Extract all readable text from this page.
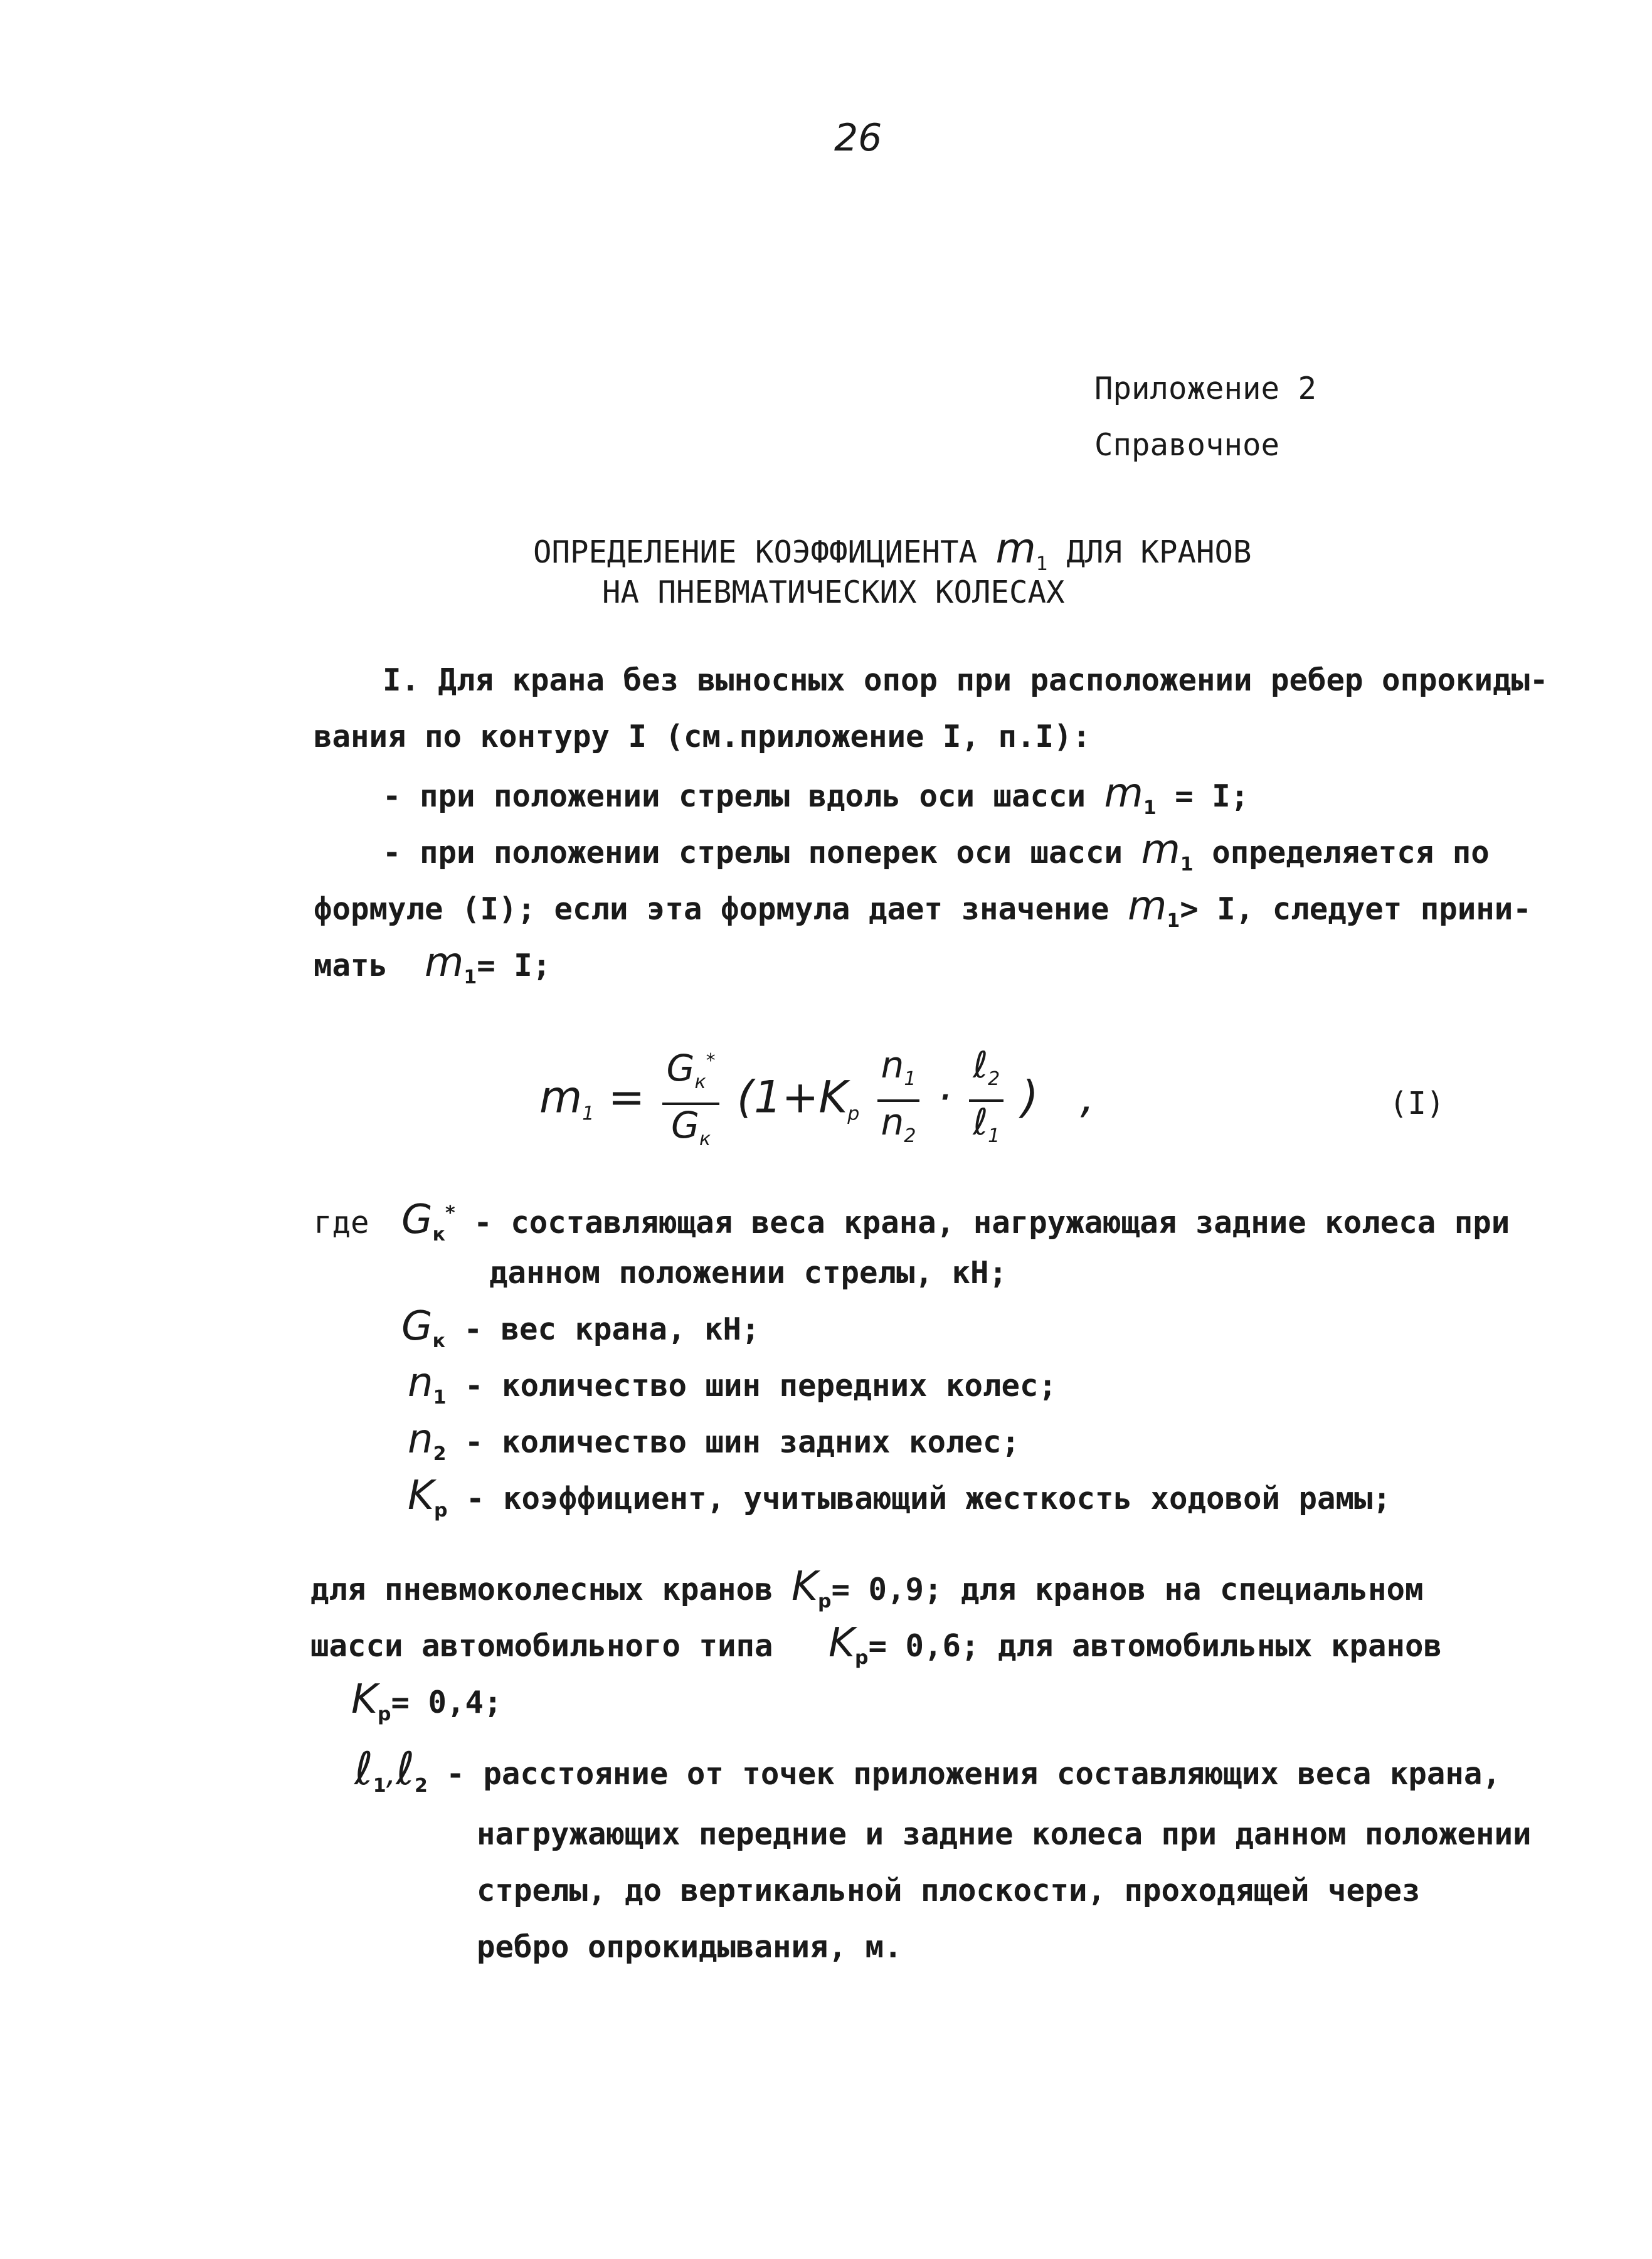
26
Приложение 2
Справочное
ОПРЕДЕЛЕНИЕ КОЭФФИЦИЕНТА $m_1$ ДЛЯ КРАНОВ
НА ПНЕВМАТИЧЕСКИХ КОЛЕСАХ
I. Для крана без выносных опор при расположении ребер опрокиды-
вания по контуру I (см.приложение I, п.I):
- при положении стрелы вдоль оси шасси $m_1 = I$;
- при положении стрелы поперек оси шасси $m_1$ определяется по
формуле (I); если эта формула дает значение $m_1> I$, следует прини-
мать $m_1= I$;
$m_1 = \frac{G_к^*}{G_к} (1+K_р \frac{n_1}{n_2} \cdot \frac{\ell_2}{\ell_1}$ ) ,	(I)
где $G_к^*$ - составляющая веса крана, нагружающая задние колеса при
данном положении стрелы, кН;
$G_к$ - вес крана, кН;
$n_1$ - количество шин передних колес;
$n_2$ - количество шин задних колес;
$K_р$ - коэффициент, учитывающий жесткость ходовой рамы;
для пневмоколесных кранов $K_р= 0,9$; для кранов на специальном
шасси автомобильного типа $K_р= 0,6$; для автомобильных кранов
$K_р= 0,4$;
ℓ$_1$,ℓ$_2$ - расстояние от точек приложения составляющих веса крана,
нагружающих передние и задние колеса при данном положении
стрелы, до вертикальной плоскости, проходящей через
ребро опрокидывания, м.
